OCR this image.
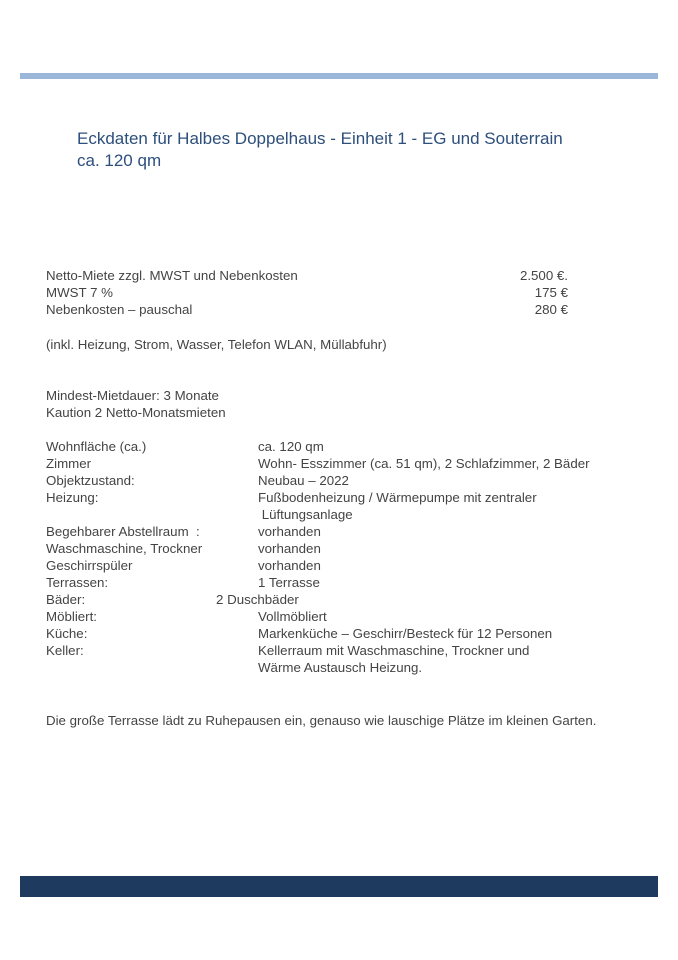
Eckdaten für Halbes Doppelhaus - Einheit 1 - EG und Souterrain
ca. 120 qm
Netto-Miete zzgl. MWST und Nebenkosten	2.500 €.
MWST 7 %	175 €
Nebenkosten – pauschal	280 €
(inkl. Heizung, Strom, Wasser, Telefon WLAN, Müllabfuhr)
Mindest-Mietdauer: 3 Monate
Kaution 2 Netto-Monatsmieten
Wohnfläche (ca.)	ca. 120 qm
Zimmer	Wohn- Esszimmer (ca. 51 qm), 2 Schlafzimmer, 2 Bäder
Objektzustand:	Neubau – 2022
Heizung:	Fußbodenheizung / Wärmepumpe mit zentraler
Lüftungsanlage
Begehbarer Abstellraum  :	vorhanden
Waschmaschine, Trockner	vorhanden
Geschirrspüler	vorhanden
Terrassen:	1 Terrasse
Bäder:	2 Duschbäder
Möbliert:	Vollmöbliert
Küche:	Markenküche – Geschirr/Besteck für 12 Personen
Keller:	Kellerraum mit Waschmaschine, Trockner und
Wärme Austausch Heizung.
Die große Terrasse lädt zu Ruhepausen ein, genauso wie lauschige Plätze im kleinen Garten.
